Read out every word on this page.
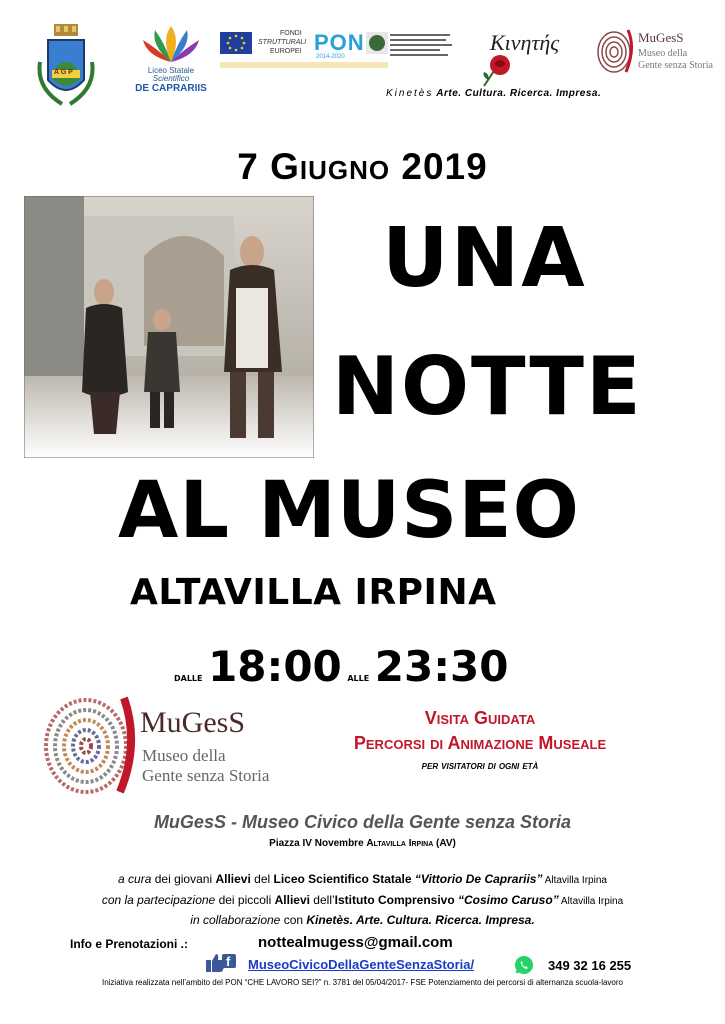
A G P	Liceo Statale
Scientifico
DE CAPRARIIS
FONDI
STRUTTURALI
EUROPEI PON
2014-2020
Κινητής	MuGesS
Museo della
Gente senza Storia
Kinetès Arte. Cultura. Ricerca. Impresa.
7 Giugno 2019
UNA
NOTTE
AL MUSEO
ALTAVILLA IRPINA
dalle 18:00 alle 23:30
MuGesS
Museo della
Gente senza Storia
Visita Guidata
Percorsi di Animazione Museale
per visitatori di ogni età
MuGesS - Museo Civico della Gente senza Storia
Piazza IV Novembre Altavilla Irpina (AV)
a cura dei giovani Allievi del Liceo Scientifico Statale “Vittorio De Caprariis” Altavilla Irpina
con la partecipazione dei piccoli Allievi dell’Istituto Comprensivo “Cosimo Caruso” Altavilla Irpina
in collaborazione con Kinetès. Arte. Cultura. Ricerca. Impresa.
Info e Prenotazioni .:	nottealmugess@gmail.com
f MuseoCivicoDellaGenteSenzaStoria/	349 32 16 255
Iniziativa realizzata nell’ambito del PON “CHE LAVORO SEI?” n. 3781 del 05/04/2017- FSE Potenziamento dei percorsi di alternanza scuola-lavoro
